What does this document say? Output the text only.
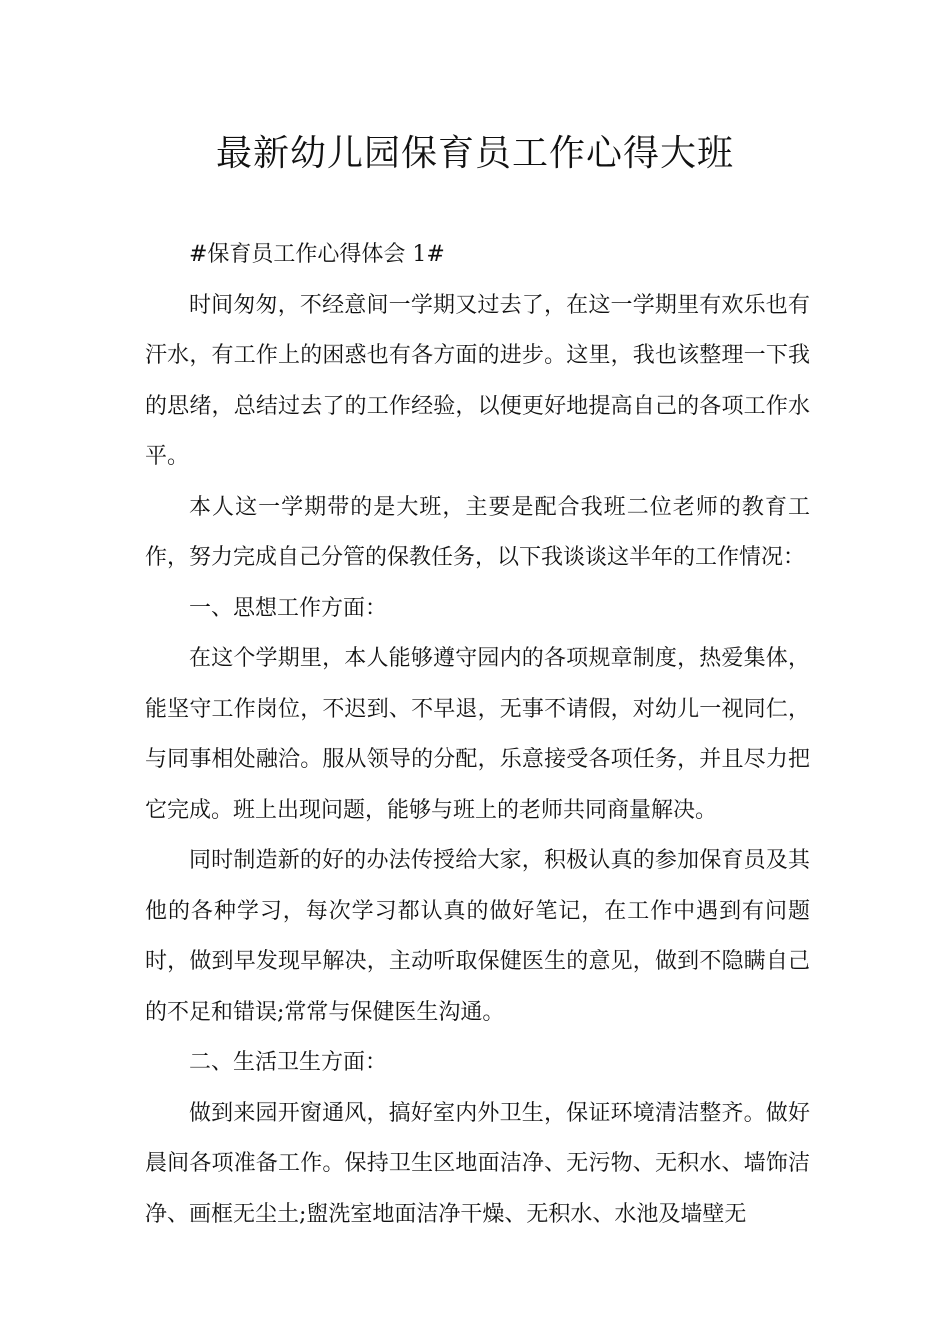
最新幼儿园保育员工作心得大班

#保育员工作心得体会 1#

时间匆匆，不经意间一学期又过去了，在这一学期里有欢乐也有汗水，有工作上的困惑也有各方面的进步。这里，我也该整理一下我的思绪，总结过去了的工作经验，以便更好地提高自己的各项工作水平。

本人这一学期带的是大班，主要是配合我班二位老师的教育工作，努力完成自己分管的保教任务，以下我谈谈这半年的工作情况：

一、思想工作方面：

在这个学期里，本人能够遵守园内的各项规章制度，热爱集体，能坚守工作岗位，不迟到、不早退，无事不请假，对幼儿一视同仁，与同事相处融洽。服从领导的分配，乐意接受各项任务，并且尽力把它完成。班上出现问题，能够与班上的老师共同商量解决。

同时制造新的好的办法传授给大家，积极认真的参加保育员及其他的各种学习，每次学习都认真的做好笔记，在工作中遇到有问题时，做到早发现早解决，主动听取保健医生的意见，做到不隐瞒自己的不足和错误;常常与保健医生沟通。

二、生活卫生方面：

做到来园开窗通风，搞好室内外卫生，保证环境清洁整齐。做好晨间各项准备工作。保持卫生区地面洁净、无污物、无积水、墙饰洁净、画框无尘土;盥洗室地面洁净干燥、无积水、水池及墙壁无
